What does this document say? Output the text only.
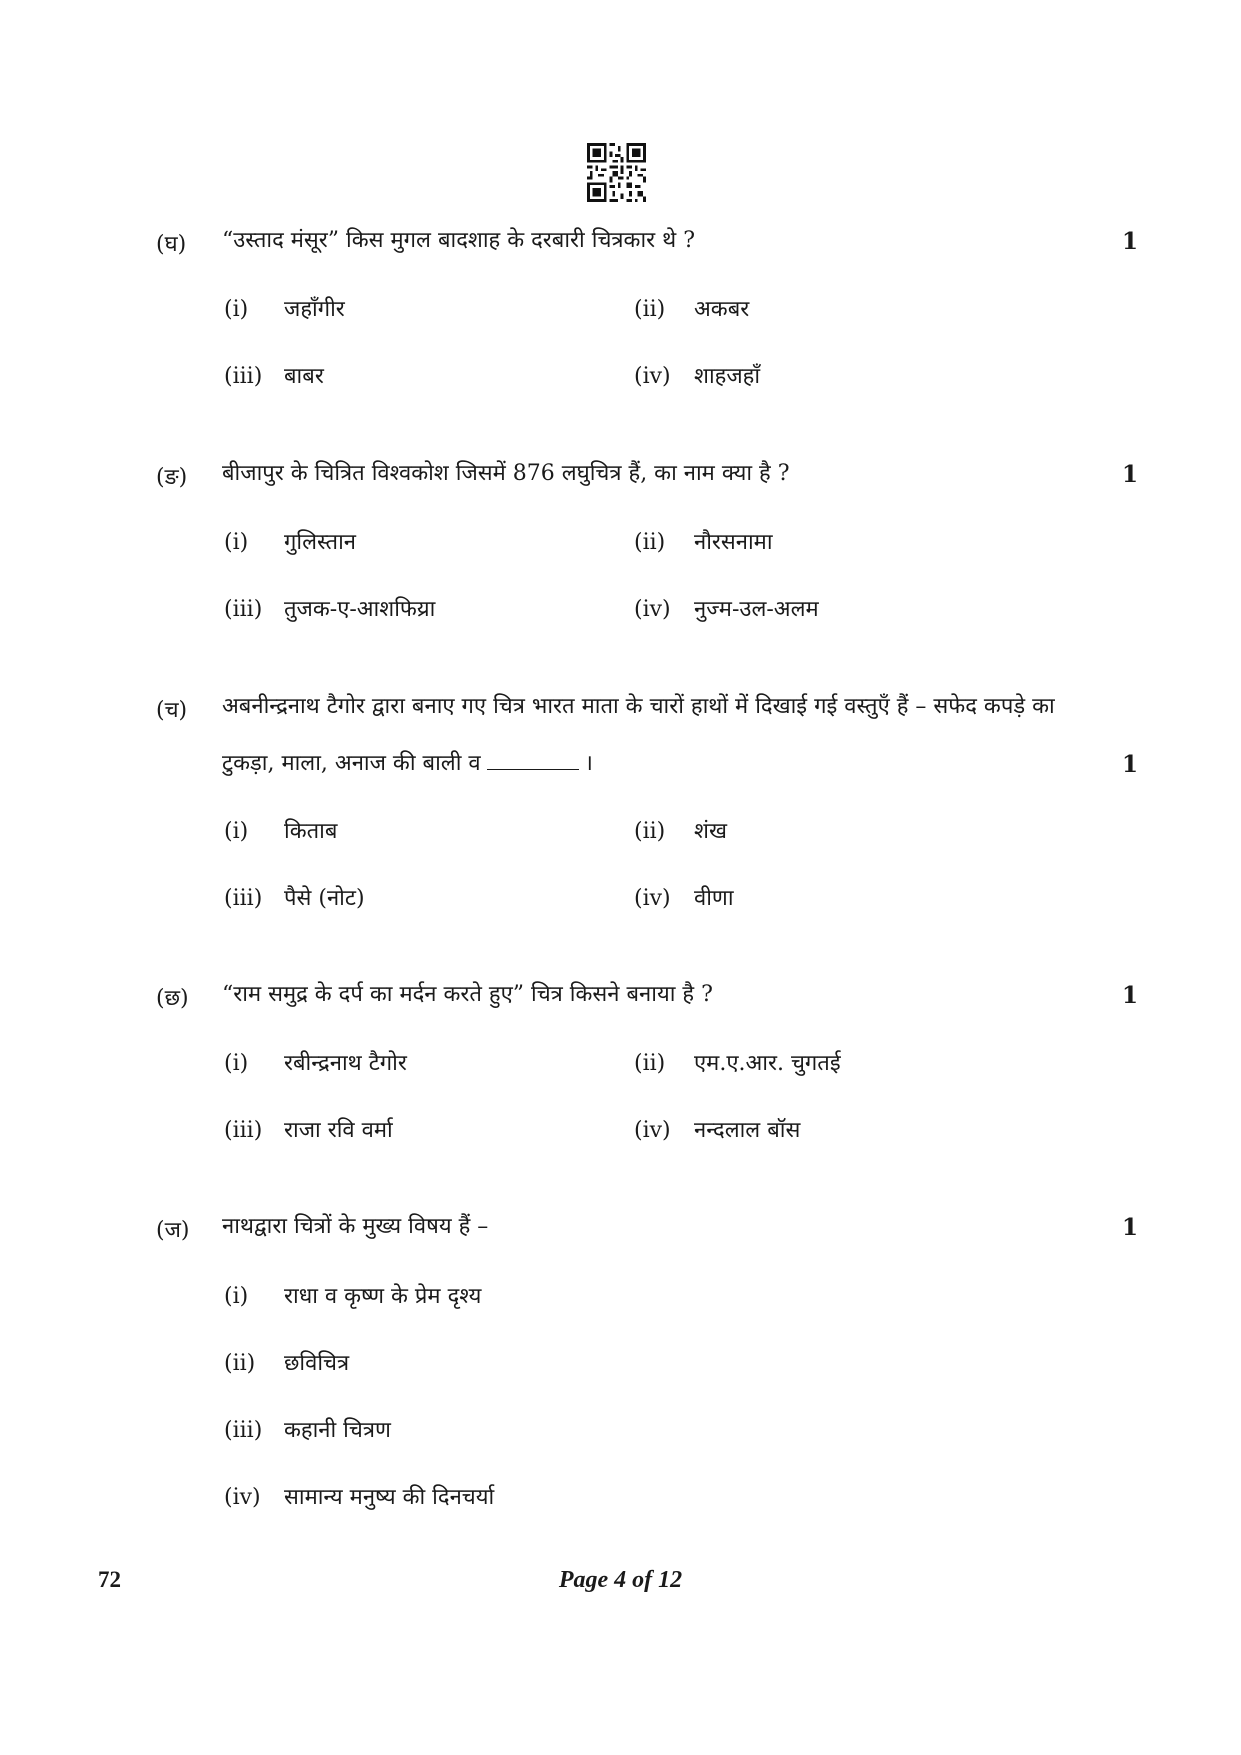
(घ) “उस्ताद मंसूर” किस मुगल बादशाह के दरबारी चित्रकार थे ?	1
(i) जहाँगीर	(ii) अकबर
(iii) बाबर	(iv) शाहजहाँ
(ङ) बीजापुर के चित्रित विश्वकोश जिसमें 876 लघुचित्र हैं, का नाम क्या है ?	1
(i) गुलिस्तान	(ii) नौरसनामा
(iii) तुजक-ए-आशफिय्रा	(iv) नुज्म-उल-अलम
(च) अबनीन्द्रनाथ टैगोर द्वारा बनाए गए चित्र भारत माता के चारों हाथों में दिखाई गई वस्तुएँ हैं – सफेद कपड़े का टुकड़ा, माला, अनाज की बाली व	।	1
(i) किताब	(ii) शंख
(iii) पैसे (नोट)	(iv) वीणा
(छ) “राम समुद्र के दर्प का मर्दन करते हुए” चित्र किसने बनाया है ?	1
(i) रबीन्द्रनाथ टैगोर	(ii) एम.ए.आर. चुगतई
(iii) राजा रवि वर्मा	(iv) नन्दलाल बॉस
(ज) नाथद्वारा चित्रों के मुख्य विषय हैं –	1
(i) राधा व कृष्ण के प्रेम दृश्य
(ii) छविचित्र
(iii) कहानी चित्रण
(iv) सामान्य मनुष्य की दिनचर्या
72	Page 4 of 12
